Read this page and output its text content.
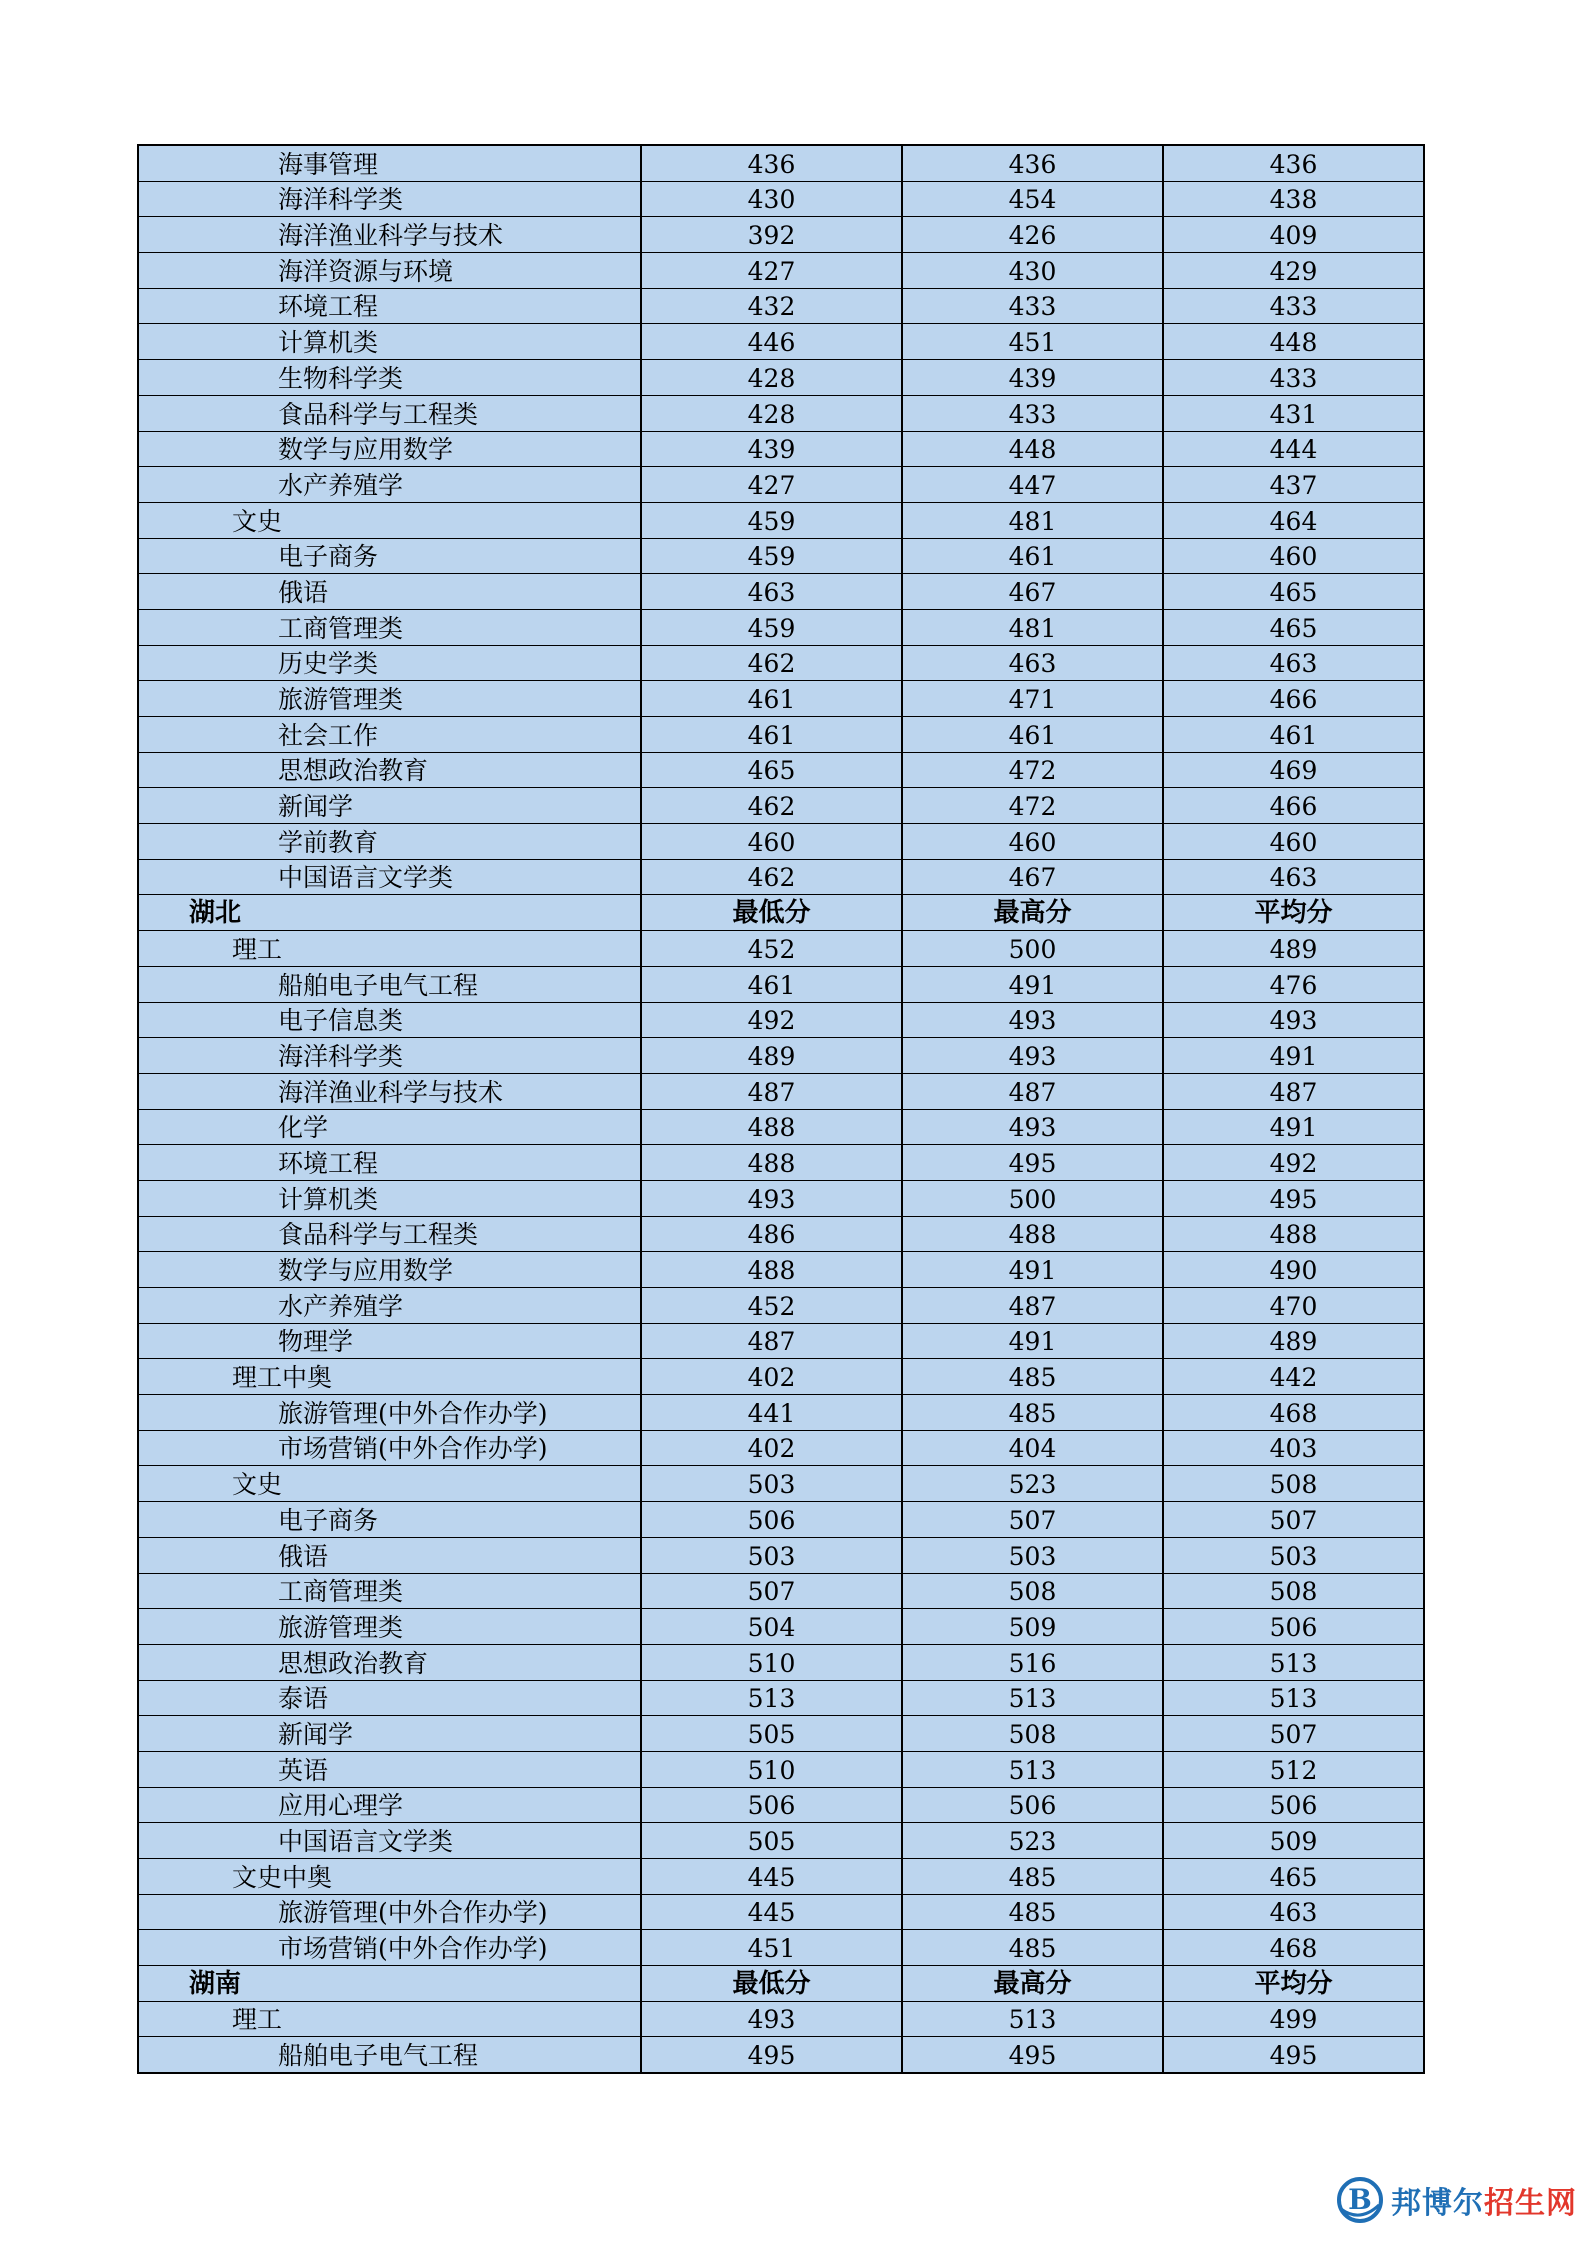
海事管理	436	436	436
海洋科学类	430	454	438
海洋渔业科学与技术	392	426	409
海洋资源与环境	427	430	429
环境工程	432	433	433
计算机类	446	451	448
生物科学类	428	439	433
食品科学与工程类	428	433	431
数学与应用数学	439	448	444
水产养殖学	427	447	437
文史	459	481	464
电子商务	459	461	460
俄语	463	467	465
工商管理类	459	481	465
历史学类	462	463	463
旅游管理类	461	471	466
社会工作	461	461	461
思想政治教育	465	472	469
新闻学	462	472	466
学前教育	460	460	460
中国语言文学类	462	467	463
湖北	最低分	最高分	平均分
理工	452	500	489
船舶电子电气工程	461	491	476
电子信息类	492	493	493
海洋科学类	489	493	491
海洋渔业科学与技术	487	487	487
化学	488	493	491
环境工程	488	495	492
计算机类	493	500	495
食品科学与工程类	486	488	488
数学与应用数学	488	491	490
水产养殖学	452	487	470
物理学	487	491	489
理工中奥	402	485	442
旅游管理(中外合作办学)	441	485	468
市场营销(中外合作办学)	402	404	403
文史	503	523	508
电子商务	506	507	507
俄语	503	503	503
工商管理类	507	508	508
旅游管理类	504	509	506
思想政治教育	510	516	513
泰语	513	513	513
新闻学	505	508	507
英语	510	513	512
应用心理学	506	506	506
中国语言文学类	505	523	509
文史中奥	445	485	465
旅游管理(中外合作办学)	445	485	463
市场营销(中外合作办学)	451	485	468
湖南	最低分	最高分	平均分
理工	493	513	499
船舶电子电气工程	495	495	495
B 邦博尔招生网
